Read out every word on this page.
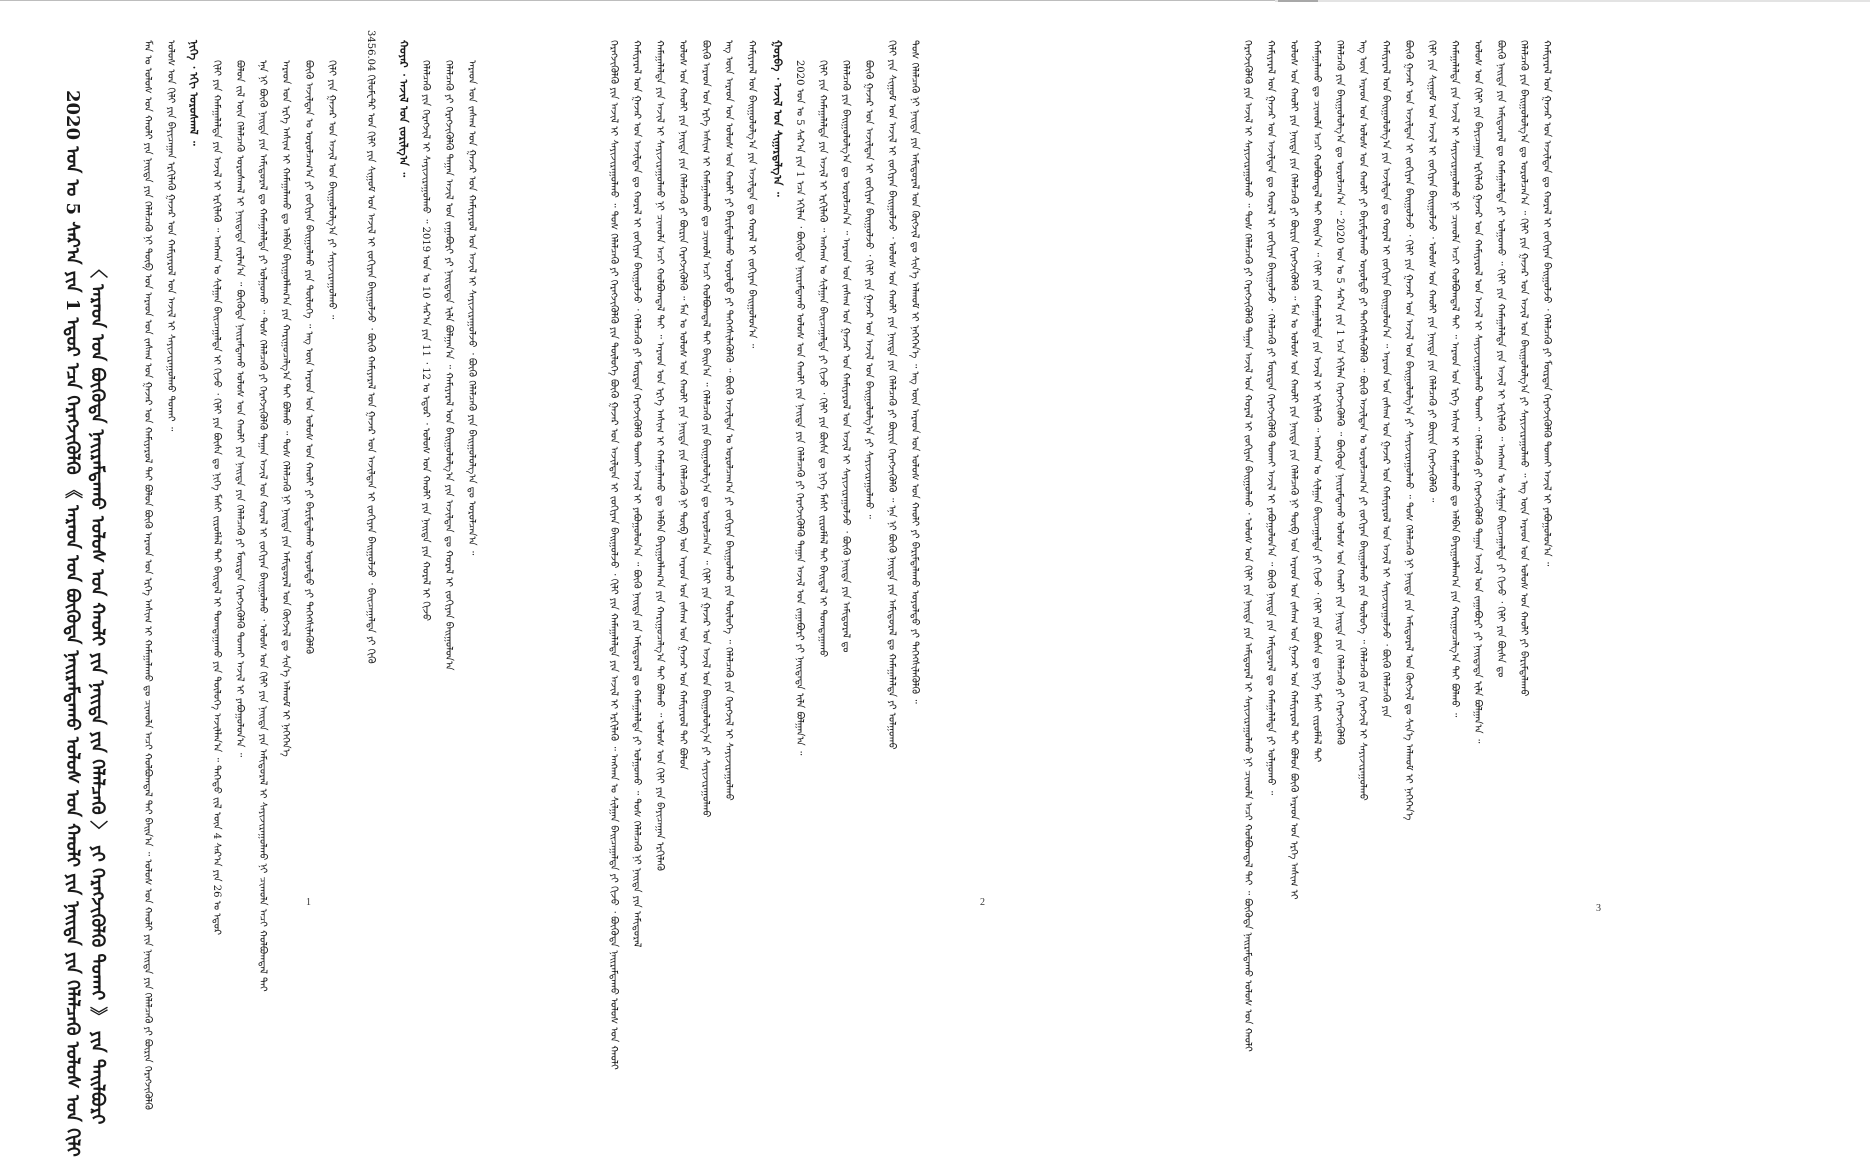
1	2
3
2020 ᠣᠨ ᠤ 5 ᠰᠠᠷ᠎ᠠ ᠶᠢᠨ 1 ᠡᠳᠦᠷ ᠡᠴᠡ ᠬᠡᠷᠡᠭᠵᠢᠭᠦᠯᠬᠦ 《 ᠠᠷᠠᠳ ᠤᠨ ᠪᠦᠭᠦᠳᠡ ᠨᠠᠢᠷᠠᠮᠳᠠᠬᠤ ᠤᠯᠤᠰ ᠤᠨ ᠬᠠᠤᠯᠢ ᠶᠢᠨ ᠨᠡᠢᠲᠡ ᠶᠢᠨ ᠬᠡᠯᠡᠯᠴᠡᠬᠦ ᠤᠯᠤᠰ ᠤᠨ ᠬᠢᠯᠢ 〈 ᠠᠷᠠᠳ ᠤᠨ ᠪᠦᠭᠦᠳᠡ ᠨᠠᠢᠷᠠᠮᠳᠠᠬᠤ ᠤᠯᠤᠰ ᠤᠨ ᠬᠠᠤᠯᠢ ᠶᠢᠨ ᠨᠡᠢᠲᠡ ᠶᠢᠨ ᠬᠡᠯᠡᠯᠴᠡᠬᠦ 〉 ᠶᠢ ᠬᠡᠷᠡᠭᠵᠢᠭᠦᠯᠬᠦ ᠲᠤᠬᠠᠢ 》 ᠶᠢᠨ ᠲᠠᠢᠯᠪᠤᠷᠢ	ᠮᠠᠨ ᠤ ᠤᠯᠤᠰ ᠤᠨ ᠬᠠᠤᠯᠢ ᠶᠢᠨ ᠨᠡᠢᠲᠡ ᠶᠢᠨ ᠬᠡᠯᠡᠯᠴᠡᠬᠦ ᠨᠢ ᠲᠦᠪ ᠤᠨ ᠠᠷᠠᠳ ᠤᠨ ᠵᠠᠰᠠᠭ ᠤᠨ ᠭᠠᠵᠠᠷ ᠤᠨ ᠬᠠᠮᠢᠶᠠᠷᠤᠯ ᠲᠠᠢ ᠪᠣᠯᠤᠨ ᠪᠦᠬᠦ ᠠᠷᠠᠳ ᠤᠨ ᠡᠷᠬᠡ ᠠᠰᠢᠭ ᠢ ᠬᠠᠮᠠᠭᠠᠯᠠᠬᠤ ᠳᠤ ᠴᠢᠬᠤᠯᠠ ᠠᠴᠢ ᠬᠣᠯᠪᠣᠭᠳᠠᠯ ᠲᠠᠢ ᠪᠠᠢᠨ᠎ᠠ ᠃ ᠤᠯᠤᠰ ᠤᠨ ᠬᠠᠤᠯᠢ ᠶᠢᠨ ᠨᠡᠢᠲᠡ ᠶᠢᠨ ᠬᠡᠯᠡᠯᠴᠡᠬᠦ ᠶᠢ ᠪᠦᠷᠢᠨ ᠬᠡᠷᠡᠭᠵᠢᠭᠦᠯᠬᠦ ᠤᠯᠤᠰ ᠤᠨ ᠬᠢᠯᠢ ᠶᠢᠨ ᠪᠠᠶᠢᠴᠠᠭᠠᠨ ᠡᠷᠬᠢᠯᠡᠬᠦ ᠭᠠᠵᠠᠷ ᠤᠨ ᠬᠠᠮᠢᠶᠠᠷᠤᠯ ᠤᠨ ᠠᠵᠢᠯ ᠢ ᠰᠠᠶᠢᠵᠢᠷᠠᠭᠤᠯᠬᠤ ᠲᠤᠬᠠᠢ ᠃ ᠨᠢᠭᠡ ᠂ ᠡᠬᠢ ᠤᠷᠤᠰᠬᠠᠯ ᠃ ᠬᠢᠯᠢ ᠶᠢᠨ ᠬᠠᠮᠠᠭᠠᠯᠠᠯᠲᠠ ᠶᠢᠨ ᠠᠵᠢᠯ ᠢ ᠡᠷᠬᠢᠯᠡᠬᠦ ᠃ ᠠᠩᠬᠠᠨ ᠤ ᠰᠢᠯᠭᠠᠨ ᠪᠠᠢᠴᠠᠭᠠᠯᠲᠠ ᠢ ᠬᠢᠵᠦ ᠂ ᠬᠢᠯᠢ ᠶᠢᠨ ᠪᠦᠰᠡ ᠳᠤ ᠨᠢᠭᠡ ᠮᠠᠰᠢ ᠵᠢᠷᠤᠮᠯᠠᠯ ᠲᠠᠢ ᠪᠠᠢᠳᠠᠯ ᠢ ᠲᠣᠭᠲᠠᠭᠠᠬᠤ ᠶᠢᠨ ᠲᠥᠯᠥᠭᠡ ᠠᠵᠢᠯᠯᠠᠨ᠎ᠠ ᠃ ᠳᠡᠭᠡᠳᠦ ᠵᠢᠯ ᠦᠨ 4 ᠰᠠᠷ᠎ᠠ ᠶᠢᠨ 26 ᠤ ᠡᠳᠦᠷ ᠪᠣᠯᠤᠨ ᠵᠢᠯ ᠦᠨ ᠬᠡᠯᠡᠯᠴᠡᠬᠦ ᠤᠷᠤᠰᠬᠠᠯ ᠢ ᠨᠡᠢᠲᠡᠳᠡ ᠵᠠᠷᠯᠠᠨ᠎ᠠ ᠃ ᠪᠦᠭᠦᠳᠡ ᠨᠠᠢᠷᠠᠮᠳᠠᠬᠤ ᠤᠯᠤᠰ ᠤᠨ ᠬᠠᠤᠯᠢ ᠶᠢᠨ ᠨᠡᠢᠲᠡ ᠶᠢᠨ ᠬᠡᠯᠡᠯᠴᠡᠬᠦ ᠶᠢ ᠮᠥᠷᠳᠡᠨ ᠬᠡᠷᠡᠭᠵᠢᠭᠦᠯᠬᠦ ᠲᠤᠬᠠᠢ ᠠᠵᠢᠯ ᠢ ᠶᠠᠪᠤᠭᠤᠯᠤᠨ᠎ᠠ ᠃ ᠡᠨᠡ ᠨᠢ ᠪᠦᠬᠦ ᠨᠡᠢᠲᠡ ᠶᠢᠨ ᠠᠮᠢᠳᠤᠷᠠᠯ ᠳᠤ ᠬᠠᠮᠠᠭᠠᠯᠠᠯᠲᠠ ᠶᠢ ᠣᠯᠭᠣᠬᠤ ᠃ ᠲᠤᠰ ᠬᠡᠯᠡᠯᠴᠡᠬᠦ ᠶᠢ ᠬᠡᠷᠡᠭᠵᠢᠭᠦᠯᠬᠦ ᠳᠠᠭᠠᠨ ᠠᠵᠢᠯ ᠤᠨ ᠬᠤᠷᠠᠯ ᠢ ᠵᠣᠬᠢᠶᠠᠨ ᠪᠠᠢᠭᠤᠯᠬᠤ ᠂ ᠤᠯᠤᠰ ᠤᠨ ᠬᠢᠯᠢ ᠶᠢᠨ ᠨᠡᠢᠲᠡ ᠶᠢᠨ ᠠᠮᠢᠳᠤᠷᠠᠯ ᠢ ᠰᠠᠶᠢᠵᠢᠷᠠᠭᠤᠯᠬᠤ ᠨᠢ ᠴᠢᠬᠤᠯᠠ ᠠᠴᠢ ᠬᠣᠯᠪᠣᠭᠳᠠᠯ ᠲᠠᠢ ᠠᠷᠠᠳ ᠤᠨ ᠡᠷᠬᠡ ᠠᠰᠢᠭ ᠢ ᠬᠠᠮᠠᠭᠠᠯᠠᠬᠤ ᠳᠤ ᠠᠯᠪᠠᠨ ᠪᠠᠶᠢᠭᠤᠯᠯᠠᠭ᠎ᠠ ᠶᠢᠨ ᠬᠠᠷᠢᠭᠤᠴᠠᠯᠭ᠎ᠠ ᠲᠠᠢ ᠪᠣᠯᠬᠤ ᠃ ᠲᠤᠰ ᠬᠡᠯᠡᠯᠴᠡᠬᠦ ᠨᠢ ᠨᠡᠢᠲᠡ ᠶᠢᠨ ᠠᠮᠢᠳᠤᠷᠠᠯ ᠤᠨ ᠬᠥᠭᠵᠢᠯ ᠳᠤ ᠰᠢᠨ᠎ᠡ ᠠᠯᠬᠤᠮ ᠢ ᠨᠡᠭᠡᠭᠡᠨ᠎ᠡ ᠪᠦᠬᠦ ᠠᠵᠢᠯᠲᠠᠨ ᠤ ᠣᠷᠤᠯᠴᠠᠭ᠎ᠠ ᠶᠢ ᠵᠣᠬᠢᠶᠠᠨ ᠪᠠᠢᠭᠤᠯᠬᠤ ᠶᠢᠨ ᠲᠥᠯᠥᠭᠡ ᠃ ᠡᠩ ᠦᠨ ᠠᠷᠠᠳ ᠤᠨ ᠤᠯᠤᠰ ᠤᠨ ᠬᠠᠤᠯᠢ ᠶᠢ ᠪᠠᠷᠢᠮᠲᠠᠯᠠᠬᠤ ᠤᠶᠤᠯᠲᠤ ᠶᠢ ᠳᠡᠭᠡᠭᠰᠢᠯᠡᠭᠦᠯᠬᠦ ᠬᠢᠯᠢ ᠶᠢᠨ ᠭᠠᠵᠠᠷ ᠤᠨ ᠠᠵᠢᠯ ᠤᠨ ᠪᠠᠢᠭᠤᠯᠤᠯᠭ᠎ᠠ ᠶᠢ ᠰᠠᠶᠢᠵᠢᠷᠠᠭᠤᠯᠬᠤ ᠃	3456.04 ᠬᠢᠯᠣᠮᠧᠲᠷ ᠤᠨ ᠬᠢᠯᠢ ᠶᠢᠨ ᠰᠢᠭᠤᠮ ᠤᠨ ᠠᠵᠢᠯ ᠢ ᠵᠣᠬᠢᠶᠠᠨ ᠪᠠᠢᠭᠤᠯᠵᠤ ᠂ ᠪᠦᠬᠦ ᠬᠠᠮᠢᠶᠠᠷᠠᠯ ᠤᠨ ᠭᠠᠵᠠᠷ ᠤᠨ ᠠᠵᠢᠯᠲᠠᠨ ᠢ ᠵᠣᠬᠢᠶᠠᠨ ᠪᠠᠢᠭᠤᠯᠵᠤ ᠂ ᠪᠠᠢᠴᠠᠭᠠᠯᠲᠠ ᠶᠢ ᠬᠢᠬᠦ ᠬᠣᠶᠠᠷ ᠂ ᠠᠵᠢᠯ ᠤᠨ ᠵᠣᠷᠢᠯᠭ᠎ᠠ ᠃ ᠬᠡᠯᠡᠯᠴᠡᠬᠦ ᠶᠢᠨ ᠬᠡᠷᠡᠭᠵᠢᠯ ᠢ ᠰᠠᠶᠢᠵᠢᠷᠠᠭᠤᠯᠬᠤ ᠃ 2019 ᠣᠨ ᠤ 10 ᠰᠠᠷ᠎ᠠ ᠶᠢᠨ 11 ᠂ 12 ᠤ ᠡᠳᠦᠷ ᠂ ᠤᠯᠤᠰ ᠤᠨ ᠬᠠᠤᠯᠢ ᠶᠢᠨ ᠨᠡᠢᠲᠡ ᠶᠢᠨ ᠬᠤᠷᠠᠯ ᠢ ᠬᠢᠵᠦ ᠬᠡᠯᠡᠯᠴᠡᠬᠦ ᠶᠢ ᠬᠡᠷᠡᠭᠵᠢᠭᠦᠯᠬᠦ ᠳᠠᠭᠠᠨ ᠠᠵᠢᠯ ᠤᠨ ᠵᠠᠭᠠᠪᠤᠷᠢ ᠶᠢ ᠨᠡᠢᠲᠡᠳᠡ ᠢᠯᠡ ᠪᠣᠯᠭᠠᠨ᠎ᠠ ᠃ ᠬᠠᠮᠢᠶᠠᠷᠠᠯ ᠤᠨ ᠪᠠᠢᠭᠤᠯᠤᠯᠭ᠎ᠠ ᠶᠢᠨ ᠠᠵᠢᠯᠲᠠᠨ ᠳᠤ ᠬᠤᠷᠠᠯ ᠢ ᠵᠣᠬᠢᠶᠠᠨ ᠪᠠᠢᠭᠤᠯᠤᠨ᠎ᠠ ᠠᠷᠠᠳ ᠤᠨ ᠵᠠᠰᠠᠭ ᠤᠨ ᠭᠠᠵᠠᠷ ᠤᠨ ᠬᠠᠮᠢᠶᠠᠷᠤᠯ ᠤᠨ ᠠᠵᠢᠯ ᠢ ᠰᠠᠶᠢᠵᠢᠷᠠᠭᠤᠯᠵᠤ ᠂ ᠪᠦᠬᠦ ᠬᠡᠯᠡᠯᠴᠡᠬᠦ ᠶᠢᠨ ᠪᠠᠢᠭᠤᠯᠤᠯᠭ᠎ᠠ ᠳᠤ ᠣᠷᠤᠯᠴᠠᠨ᠎ᠠ ᠃	ᠬᠡᠷᠡᠭᠵᠢᠭᠦᠯᠬᠦ ᠶᠢᠨ ᠠᠵᠢᠯ ᠢ ᠰᠠᠶᠢᠵᠢᠷᠠᠭᠤᠯᠬᠤ ᠃ ᠲᠤᠰ ᠬᠡᠯᠡᠯᠴᠡᠬᠦ ᠶᠢ ᠬᠡᠷᠡᠭᠵᠢᠭᠦᠯᠬᠦ ᠶᠢᠨ ᠲᠥᠯᠥᠭᠡ ᠪᠦᠬᠦ ᠭᠠᠵᠠᠷ ᠤᠨ ᠠᠵᠢᠯᠲᠠᠨ ᠢ ᠵᠣᠬᠢᠶᠠᠨ ᠪᠠᠢᠭᠤᠯᠵᠤ ᠂ ᠬᠢᠯᠢ ᠶᠢᠨ ᠬᠠᠮᠠᠭᠠᠯᠠᠯᠲᠠ ᠶᠢᠨ ᠠᠵᠢᠯ ᠢ ᠡᠷᠬᠢᠯᠡᠬᠦ ᠃ ᠠᠩᠬᠠᠨ ᠤ ᠰᠢᠯᠭᠠᠨ ᠪᠠᠢᠴᠠᠭᠠᠯᠲᠠ ᠶᠢ ᠬᠢᠵᠦ ᠂ ᠪᠦᠭᠦᠳᠡ ᠨᠠᠢᠷᠠᠮᠳᠠᠬᠤ ᠤᠯᠤᠰ ᠤᠨ ᠬᠠᠤᠯᠢ ᠬᠠᠮᠢᠶᠠᠷᠠᠯ ᠤᠨ ᠭᠠᠵᠠᠷ ᠤᠨ ᠠᠵᠢᠯᠲᠠᠨ ᠳᠤ ᠬᠤᠷᠠᠯ ᠢ ᠵᠣᠬᠢᠶᠠᠨ ᠪᠠᠢᠭᠤᠯᠵᠤ ᠂ ᠬᠡᠯᠡᠯᠴᠡᠬᠦ ᠶᠢ ᠮᠥᠷᠳᠡᠨ ᠬᠡᠷᠡᠭᠵᠢᠭᠦᠯᠬᠦ ᠲᠤᠬᠠᠢ ᠠᠵᠢᠯ ᠢ ᠶᠠᠪᠤᠭᠤᠯᠤᠨ᠎ᠠ ᠃ ᠪᠦᠬᠦ ᠨᠡᠢᠲᠡ ᠶᠢᠨ ᠠᠮᠢᠳᠤᠷᠠᠯ ᠳᠤ ᠬᠠᠮᠠᠭᠠᠯᠠᠯᠲᠠ ᠶᠢ ᠣᠯᠭᠣᠬᠤ ᠃ ᠲᠤᠰ ᠬᠡᠯᠡᠯᠴᠡᠬᠦ ᠨᠢ ᠨᠡᠢᠲᠡ ᠶᠢᠨ ᠠᠮᠢᠳᠤᠷᠠᠯ ᠬᠠᠮᠠᠭᠠᠯᠠᠯᠲᠠ ᠶᠢᠨ ᠠᠵᠢᠯ ᠢ ᠰᠠᠶᠢᠵᠢᠷᠠᠭᠤᠯᠬᠤ ᠨᠢ ᠴᠢᠬᠤᠯᠠ ᠠᠴᠢ ᠬᠣᠯᠪᠣᠭᠳᠠᠯ ᠲᠠᠢ ᠃ ᠠᠷᠠᠳ ᠤᠨ ᠡᠷᠬᠡ ᠠᠰᠢᠭ ᠢ ᠬᠠᠮᠠᠭᠠᠯᠠᠬᠤ ᠳᠤ ᠠᠯᠪᠠᠨ ᠪᠠᠶᠢᠭᠤᠯᠯᠠᠭ᠎ᠠ ᠶᠢᠨ ᠬᠠᠷᠢᠭᠤᠴᠠᠯᠭ᠎ᠠ ᠲᠠᠢ ᠪᠣᠯᠬᠤ ᠃ ᠤᠯᠤᠰ ᠤᠨ ᠬᠢᠯᠢ ᠶᠢᠨ ᠪᠠᠶᠢᠴᠠᠭᠠᠨ ᠡᠷᠬᠢᠯᠡᠬᠦ ᠤᠯᠤᠰ ᠤᠨ ᠬᠠᠤᠯᠢ ᠶᠢᠨ ᠨᠡᠢᠲᠡ ᠶᠢᠨ ᠬᠡᠯᠡᠯᠴᠡᠬᠦ ᠶᠢ ᠪᠦᠷᠢᠨ ᠬᠡᠷᠡᠭᠵᠢᠭᠦᠯᠬᠦ ᠃ ᠮᠠᠨ ᠤ ᠤᠯᠤᠰ ᠤᠨ ᠬᠠᠤᠯᠢ ᠶᠢᠨ ᠨᠡᠢᠲᠡ ᠶᠢᠨ ᠬᠡᠯᠡᠯᠴᠡᠬᠦ ᠨᠢ ᠲᠦᠪ ᠤᠨ ᠠᠷᠠᠳ ᠤᠨ ᠵᠠᠰᠠᠭ ᠤᠨ ᠭᠠᠵᠠᠷ ᠤᠨ ᠬᠠᠮᠢᠶᠠᠷᠤᠯ ᠲᠠᠢ ᠪᠣᠯᠤᠨ ᠪᠦᠬᠦ ᠠᠷᠠᠳ ᠤᠨ ᠡᠷᠬᠡ ᠠᠰᠢᠭ ᠢ ᠬᠠᠮᠠᠭᠠᠯᠠᠬᠤ ᠳᠤ ᠴᠢᠬᠤᠯᠠ ᠠᠴᠢ ᠬᠣᠯᠪᠣᠭᠳᠠᠯ ᠲᠠᠢ ᠪᠠᠢᠨ᠎ᠠ ᠃ ᠬᠡᠯᠡᠯᠴᠡᠬᠦ ᠶᠢᠨ ᠪᠠᠢᠭᠤᠯᠤᠯᠭ᠎ᠠ ᠳᠤ ᠣᠷᠤᠯᠴᠠᠨ᠎ᠠ ᠃ ᠬᠢᠯᠢ ᠶᠢᠨ ᠭᠠᠵᠠᠷ ᠤᠨ ᠠᠵᠢᠯ ᠤᠨ ᠪᠠᠢᠭᠤᠯᠤᠯᠭ᠎ᠠ ᠶᠢ ᠰᠠᠶᠢᠵᠢᠷᠠᠭᠤᠯᠬᠤ ᠡᠩ ᠦᠨ ᠠᠷᠠᠳ ᠤᠨ ᠤᠯᠤᠰ ᠤᠨ ᠬᠠᠤᠯᠢ ᠶᠢ ᠪᠠᠷᠢᠮᠲᠠᠯᠠᠬᠤ ᠤᠶᠤᠯᠲᠤ ᠶᠢ ᠳᠡᠭᠡᠭᠰᠢᠯᠡᠭᠦᠯᠬᠦ ᠃ ᠪᠦᠬᠦ ᠠᠵᠢᠯᠲᠠᠨ ᠤ ᠣᠷᠤᠯᠴᠠᠭ᠎ᠠ ᠶᠢ ᠵᠣᠬᠢᠶᠠᠨ ᠪᠠᠢᠭᠤᠯᠬᠤ ᠶᠢᠨ ᠲᠥᠯᠥᠭᠡ ᠃ ᠬᠡᠯᠡᠯᠴᠡᠬᠦ ᠶᠢᠨ ᠬᠡᠷᠡᠭᠵᠢᠯ ᠢ ᠰᠠᠶᠢᠵᠢᠷᠠᠭᠤᠯᠬᠤ ᠬᠠᠮᠢᠶᠠᠷᠠᠯ ᠤᠨ ᠪᠠᠢᠭᠤᠯᠤᠯᠭ᠎ᠠ ᠶᠢᠨ ᠠᠵᠢᠯᠲᠠᠨ ᠳᠤ ᠬᠤᠷᠠᠯ ᠢ ᠵᠣᠬᠢᠶᠠᠨ ᠪᠠᠢᠭᠤᠯᠤᠨ᠎ᠠ ᠃ ᠭᠤᠷᠪᠠ ᠂ ᠠᠵᠢᠯ ᠤᠨ ᠰᠢᠭᠠᠷᠳᠠᠯᠭ᠎ᠠ ᠃ 2020 ᠣᠨ ᠤ 5 ᠰᠠᠷ᠎ᠠ ᠶᠢᠨ 1 ᠡᠴᠡ ᠡᠬᠢᠯᠡᠨ ᠂ ᠪᠦᠭᠦᠳᠡ ᠨᠠᠢᠷᠠᠮᠳᠠᠬᠤ ᠤᠯᠤᠰ ᠤᠨ ᠬᠠᠤᠯᠢ ᠶᠢᠨ ᠨᠡᠢᠲᠡ ᠶᠢᠨ ᠬᠡᠯᠡᠯᠴᠡᠬᠦ ᠶᠢ ᠬᠡᠷᠡᠭᠵᠢᠭᠦᠯᠬᠦ ᠳᠠᠭᠠᠨ ᠠᠵᠢᠯ ᠤᠨ ᠵᠠᠭᠠᠪᠤᠷᠢ ᠶᠢ ᠨᠡᠢᠲᠡᠳᠡ ᠢᠯᠡ ᠪᠣᠯᠭᠠᠨ᠎ᠠ ᠃ ᠬᠢᠯᠢ ᠶᠢᠨ ᠬᠠᠮᠠᠭᠠᠯᠠᠯᠲᠠ ᠶᠢᠨ ᠠᠵᠢᠯ ᠢ ᠡᠷᠬᠢᠯᠡᠬᠦ ᠃ ᠠᠩᠬᠠᠨ ᠤ ᠰᠢᠯᠭᠠᠨ ᠪᠠᠢᠴᠠᠭᠠᠯᠲᠠ ᠶᠢ ᠬᠢᠵᠦ ᠂ ᠬᠢᠯᠢ ᠶᠢᠨ ᠪᠦᠰᠡ ᠳᠤ ᠨᠢᠭᠡ ᠮᠠᠰᠢ ᠵᠢᠷᠤᠮᠯᠠᠯ ᠲᠠᠢ ᠪᠠᠢᠳᠠᠯ ᠢ ᠲᠣᠭᠲᠠᠭᠠᠬᠤ ᠬᠡᠯᠡᠯᠴᠡᠬᠦ ᠶᠢᠨ ᠪᠠᠢᠭᠤᠯᠤᠯᠭ᠎ᠠ ᠳᠤ ᠣᠷᠤᠯᠴᠠᠨ᠎ᠠ ᠃ ᠠᠷᠠᠳ ᠤᠨ ᠵᠠᠰᠠᠭ ᠤᠨ ᠭᠠᠵᠠᠷ ᠤᠨ ᠬᠠᠮᠢᠶᠠᠷᠤᠯ ᠤᠨ ᠠᠵᠢᠯ ᠢ ᠰᠠᠶᠢᠵᠢᠷᠠᠭᠤᠯᠵᠤ ᠂ ᠪᠦᠬᠦ ᠨᠡᠢᠲᠡ ᠶᠢᠨ ᠠᠮᠢᠳᠤᠷᠠᠯ ᠳᠤ ᠪᠦᠬᠦ ᠭᠠᠵᠠᠷ ᠤᠨ ᠠᠵᠢᠯᠲᠠᠨ ᠢ ᠵᠣᠬᠢᠶᠠᠨ ᠪᠠᠢᠭᠤᠯᠵᠤ ᠂ ᠬᠢᠯᠢ ᠶᠢᠨ ᠭᠠᠵᠠᠷ ᠤᠨ ᠠᠵᠢᠯ ᠤᠨ ᠪᠠᠢᠭᠤᠯᠤᠯᠭ᠎ᠠ ᠶᠢ ᠰᠠᠶᠢᠵᠢᠷᠠᠭᠤᠯᠬᠤ ᠃ ᠬᠢᠯᠢ ᠶᠢᠨ ᠰᠢᠭᠤᠮ ᠤᠨ ᠠᠵᠢᠯ ᠢ ᠵᠣᠬᠢᠶᠠᠨ ᠪᠠᠢᠭᠤᠯᠵᠤ ᠂ ᠤᠯᠤᠰ ᠤᠨ ᠬᠠᠤᠯᠢ ᠶᠢᠨ ᠨᠡᠢᠲᠡ ᠶᠢᠨ ᠬᠡᠯᠡᠯᠴᠡᠬᠦ ᠶᠢ ᠪᠦᠷᠢᠨ ᠬᠡᠷᠡᠭᠵᠢᠭᠦᠯᠬᠦ ᠃ ᠡᠨᠡ ᠨᠢ ᠪᠦᠬᠦ ᠨᠡᠢᠲᠡ ᠶᠢᠨ ᠠᠮᠢᠳᠤᠷᠠᠯ ᠳᠤ ᠬᠠᠮᠠᠭᠠᠯᠠᠯᠲᠠ ᠶᠢ ᠣᠯᠭᠣᠬᠤ ᠲᠤᠰ ᠬᠡᠯᠡᠯᠴᠡᠬᠦ ᠨᠢ ᠨᠡᠢᠲᠡ ᠶᠢᠨ ᠠᠮᠢᠳᠤᠷᠠᠯ ᠤᠨ ᠬᠥᠭᠵᠢᠯ ᠳᠤ ᠰᠢᠨ᠎ᠡ ᠠᠯᠬᠤᠮ ᠢ ᠨᠡᠭᠡᠭᠡᠨ᠎ᠡ ᠃ ᠡᠩ ᠦᠨ ᠠᠷᠠᠳ ᠤᠨ ᠤᠯᠤᠰ ᠤᠨ ᠬᠠᠤᠯᠢ ᠶᠢ ᠪᠠᠷᠢᠮᠲᠠᠯᠠᠬᠤ ᠤᠶᠤᠯᠲᠤ ᠶᠢ ᠳᠡᠭᠡᠭᠰᠢᠯᠡᠭᠦᠯᠬᠦ ᠃	ᠬᠡᠷᠡᠭᠵᠢᠭᠦᠯᠬᠦ ᠶᠢᠨ ᠠᠵᠢᠯ ᠢ ᠰᠠᠶᠢᠵᠢᠷᠠᠭᠤᠯᠬᠤ ᠃ ᠲᠤᠰ ᠬᠡᠯᠡᠯᠴᠡᠬᠦ ᠶᠢ ᠬᠡᠷᠡᠭᠵᠢᠭᠦᠯᠬᠦ ᠳᠠᠭᠠᠨ ᠠᠵᠢᠯ ᠤᠨ ᠬᠤᠷᠠᠯ ᠢ ᠵᠣᠬᠢᠶᠠᠨ ᠪᠠᠢᠭᠤᠯᠬᠤ ᠂ ᠤᠯᠤᠰ ᠤᠨ ᠬᠢᠯᠢ ᠶᠢᠨ ᠨᠡᠢᠲᠡ ᠶᠢᠨ ᠠᠮᠢᠳᠤᠷᠠᠯ ᠢ ᠰᠠᠶᠢᠵᠢᠷᠠᠭᠤᠯᠬᠤ ᠨᠢ ᠴᠢᠬᠤᠯᠠ ᠠᠴᠢ ᠬᠣᠯᠪᠣᠭᠳᠠᠯ ᠲᠠᠢ ᠃ ᠪᠦᠭᠦᠳᠡ ᠨᠠᠢᠷᠠᠮᠳᠠᠬᠤ ᠤᠯᠤᠰ ᠤᠨ ᠬᠠᠤᠯᠢ ᠬᠠᠮᠢᠶᠠᠷᠠᠯ ᠤᠨ ᠭᠠᠵᠠᠷ ᠤᠨ ᠠᠵᠢᠯᠲᠠᠨ ᠳᠤ ᠬᠤᠷᠠᠯ ᠢ ᠵᠣᠬᠢᠶᠠᠨ ᠪᠠᠢᠭᠤᠯᠵᠤ ᠂ ᠬᠡᠯᠡᠯᠴᠡᠬᠦ ᠶᠢ ᠮᠥᠷᠳᠡᠨ ᠬᠡᠷᠡᠭᠵᠢᠭᠦᠯᠬᠦ ᠲᠤᠬᠠᠢ ᠠᠵᠢᠯ ᠢ ᠶᠠᠪᠤᠭᠤᠯᠤᠨ᠎ᠠ ᠃ ᠪᠦᠬᠦ ᠨᠡᠢᠲᠡ ᠶᠢᠨ ᠠᠮᠢᠳᠤᠷᠠᠯ ᠳᠤ ᠬᠠᠮᠠᠭᠠᠯᠠᠯᠲᠠ ᠶᠢ ᠣᠯᠭᠣᠬᠤ ᠃ ᠤᠯᠤᠰ ᠤᠨ ᠬᠠᠤᠯᠢ ᠶᠢᠨ ᠨᠡᠢᠲᠡ ᠶᠢᠨ ᠬᠡᠯᠡᠯᠴᠡᠬᠦ ᠶᠢ ᠪᠦᠷᠢᠨ ᠬᠡᠷᠡᠭᠵᠢᠭᠦᠯᠬᠦ ᠃ ᠮᠠᠨ ᠤ ᠤᠯᠤᠰ ᠤᠨ ᠬᠠᠤᠯᠢ ᠶᠢᠨ ᠨᠡᠢᠲᠡ ᠶᠢᠨ ᠬᠡᠯᠡᠯᠴᠡᠬᠦ ᠨᠢ ᠲᠦᠪ ᠤᠨ ᠠᠷᠠᠳ ᠤᠨ ᠵᠠᠰᠠᠭ ᠤᠨ ᠭᠠᠵᠠᠷ ᠤᠨ ᠬᠠᠮᠢᠶᠠᠷᠤᠯ ᠲᠠᠢ ᠪᠣᠯᠤᠨ ᠪᠦᠬᠦ ᠠᠷᠠᠳ ᠤᠨ ᠡᠷᠬᠡ ᠠᠰᠢᠭ ᠢ ᠬᠠᠮᠠᠭᠠᠯᠠᠬᠤ ᠳᠤ ᠴᠢᠬᠤᠯᠠ ᠠᠴᠢ ᠬᠣᠯᠪᠣᠭᠳᠠᠯ ᠲᠠᠢ ᠪᠠᠢᠨ᠎ᠠ ᠃ ᠬᠢᠯᠢ ᠶᠢᠨ ᠬᠠᠮᠠᠭᠠᠯᠠᠯᠲᠠ ᠶᠢᠨ ᠠᠵᠢᠯ ᠢ ᠡᠷᠬᠢᠯᠡᠬᠦ ᠃ ᠠᠩᠬᠠᠨ ᠤ ᠰᠢᠯᠭᠠᠨ ᠪᠠᠢᠴᠠᠭᠠᠯᠲᠠ ᠶᠢ ᠬᠢᠵᠦ ᠂ ᠬᠢᠯᠢ ᠶᠢᠨ ᠪᠦᠰᠡ ᠳᠤ ᠨᠢᠭᠡ ᠮᠠᠰᠢ ᠵᠢᠷᠤᠮᠯᠠᠯ ᠲᠠᠢ ᠬᠡᠯᠡᠯᠴᠡᠬᠦ ᠶᠢᠨ ᠪᠠᠢᠭᠤᠯᠤᠯᠭ᠎ᠠ ᠳᠤ ᠣᠷᠤᠯᠴᠠᠨ᠎ᠠ ᠃ 2020 ᠣᠨ ᠤ 5 ᠰᠠᠷ᠎ᠠ ᠶᠢᠨ 1 ᠡᠴᠡ ᠡᠬᠢᠯᠡᠨ ᠬᠡᠷᠡᠭᠵᠢᠭᠦᠯᠬᠦ ᠃ ᠪᠦᠭᠦᠳᠡ ᠨᠠᠢᠷᠠᠮᠳᠠᠬᠤ ᠤᠯᠤᠰ ᠤᠨ ᠬᠠᠤᠯᠢ ᠶᠢᠨ ᠨᠡᠢᠲᠡ ᠶᠢᠨ ᠬᠡᠯᠡᠯᠴᠡᠬᠦ ᠶᠢ ᠬᠡᠷᠡᠭᠵᠢᠭᠦᠯᠬᠦ ᠡᠩ ᠦᠨ ᠠᠷᠠᠳ ᠤᠨ ᠤᠯᠤᠰ ᠤᠨ ᠬᠠᠤᠯᠢ ᠶᠢ ᠪᠠᠷᠢᠮᠲᠠᠯᠠᠬᠤ ᠤᠶᠤᠯᠲᠤ ᠶᠢ ᠳᠡᠭᠡᠭᠰᠢᠯᠡᠭᠦᠯᠬᠦ ᠃ ᠪᠦᠬᠦ ᠠᠵᠢᠯᠲᠠᠨ ᠤ ᠣᠷᠤᠯᠴᠠᠭ᠎ᠠ ᠶᠢ ᠵᠣᠬᠢᠶᠠᠨ ᠪᠠᠢᠭᠤᠯᠬᠤ ᠶᠢᠨ ᠲᠥᠯᠥᠭᠡ ᠃ ᠬᠡᠯᠡᠯᠴᠡᠬᠦ ᠶᠢᠨ ᠬᠡᠷᠡᠭᠵᠢᠯ ᠢ ᠰᠠᠶᠢᠵᠢᠷᠠᠭᠤᠯᠬᠤ ᠬᠠᠮᠢᠶᠠᠷᠠᠯ ᠤᠨ ᠪᠠᠢᠭᠤᠯᠤᠯᠭ᠎ᠠ ᠶᠢᠨ ᠠᠵᠢᠯᠲᠠᠨ ᠳᠤ ᠬᠤᠷᠠᠯ ᠢ ᠵᠣᠬᠢᠶᠠᠨ ᠪᠠᠢᠭᠤᠯᠤᠨ᠎ᠠ ᠃ ᠠᠷᠠᠳ ᠤᠨ ᠵᠠᠰᠠᠭ ᠤᠨ ᠭᠠᠵᠠᠷ ᠤᠨ ᠬᠠᠮᠢᠶᠠᠷᠤᠯ ᠤᠨ ᠠᠵᠢᠯ ᠢ ᠰᠠᠶᠢᠵᠢᠷᠠᠭᠤᠯᠵᠤ ᠂ ᠪᠦᠬᠦ ᠬᠡᠯᠡᠯᠴᠡᠬᠦ ᠶᠢᠨ ᠪᠦᠬᠦ ᠭᠠᠵᠠᠷ ᠤᠨ ᠠᠵᠢᠯᠲᠠᠨ ᠢ ᠵᠣᠬᠢᠶᠠᠨ ᠪᠠᠢᠭᠤᠯᠵᠤ ᠂ ᠬᠢᠯᠢ ᠶᠢᠨ ᠭᠠᠵᠠᠷ ᠤᠨ ᠠᠵᠢᠯ ᠤᠨ ᠪᠠᠢᠭᠤᠯᠤᠯᠭ᠎ᠠ ᠶᠢ ᠰᠠᠶᠢᠵᠢᠷᠠᠭᠤᠯᠬᠤ ᠃ ᠲᠤᠰ ᠬᠡᠯᠡᠯᠴᠡᠬᠦ ᠨᠢ ᠨᠡᠢᠲᠡ ᠶᠢᠨ ᠠᠮᠢᠳᠤᠷᠠᠯ ᠤᠨ ᠬᠥᠭᠵᠢᠯ ᠳᠤ ᠰᠢᠨ᠎ᠡ ᠠᠯᠬᠤᠮ ᠢ ᠨᠡᠭᠡᠭᠡᠨ᠎ᠡ ᠬᠢᠯᠢ ᠶᠢᠨ ᠰᠢᠭᠤᠮ ᠤᠨ ᠠᠵᠢᠯ ᠢ ᠵᠣᠬᠢᠶᠠᠨ ᠪᠠᠢᠭᠤᠯᠵᠤ ᠂ ᠤᠯᠤᠰ ᠤᠨ ᠬᠠᠤᠯᠢ ᠶᠢᠨ ᠨᠡᠢᠲᠡ ᠶᠢᠨ ᠬᠡᠯᠡᠯᠴᠡᠬᠦ ᠶᠢ ᠪᠦᠷᠢᠨ ᠬᠡᠷᠡᠭᠵᠢᠭᠦᠯᠬᠦ ᠃ ᠬᠠᠮᠠᠭᠠᠯᠠᠯᠲᠠ ᠶᠢᠨ ᠠᠵᠢᠯ ᠢ ᠰᠠᠶᠢᠵᠢᠷᠠᠭᠤᠯᠬᠤ ᠨᠢ ᠴᠢᠬᠤᠯᠠ ᠠᠴᠢ ᠬᠣᠯᠪᠣᠭᠳᠠᠯ ᠲᠠᠢ ᠃ ᠠᠷᠠᠳ ᠤᠨ ᠡᠷᠬᠡ ᠠᠰᠢᠭ ᠢ ᠬᠠᠮᠠᠭᠠᠯᠠᠬᠤ ᠳᠤ ᠠᠯᠪᠠᠨ ᠪᠠᠶᠢᠭᠤᠯᠯᠠᠭ᠎ᠠ ᠶᠢᠨ ᠬᠠᠷᠢᠭᠤᠴᠠᠯᠭ᠎ᠠ ᠲᠠᠢ ᠪᠣᠯᠬᠤ ᠃ ᠤᠯᠤᠰ ᠤᠨ ᠬᠢᠯᠢ ᠶᠢᠨ ᠪᠠᠶᠢᠴᠠᠭᠠᠨ ᠡᠷᠬᠢᠯᠡᠬᠦ ᠭᠠᠵᠠᠷ ᠤᠨ ᠬᠠᠮᠢᠶᠠᠷᠤᠯ ᠤᠨ ᠠᠵᠢᠯ ᠢ ᠰᠠᠶᠢᠵᠢᠷᠠᠭᠤᠯᠬᠤ ᠲᠤᠬᠠᠢ ᠃ ᠬᠡᠯᠡᠯᠴᠡᠬᠦ ᠶᠢ ᠬᠡᠷᠡᠭᠵᠢᠭᠦᠯᠬᠦ ᠳᠠᠭᠠᠨ ᠠᠵᠢᠯ ᠤᠨ ᠵᠠᠭᠠᠪᠤᠷᠢ ᠶᠢ ᠨᠡᠢᠲᠡᠳᠡ ᠢᠯᠡ ᠪᠣᠯᠭᠠᠨ᠎ᠠ ᠃ ᠪᠦᠬᠦ ᠨᠡᠢᠲᠡ ᠶᠢᠨ ᠠᠮᠢᠳᠤᠷᠠᠯ ᠳᠤ ᠬᠠᠮᠠᠭᠠᠯᠠᠯᠲᠠ ᠶᠢ ᠣᠯᠭᠣᠬᠤ ᠃ ᠬᠢᠯᠢ ᠶᠢᠨ ᠬᠠᠮᠠᠭᠠᠯᠠᠯᠲᠠ ᠶᠢᠨ ᠠᠵᠢᠯ ᠢ ᠡᠷᠬᠢᠯᠡᠬᠦ ᠃ ᠠᠩᠬᠠᠨ ᠤ ᠰᠢᠯᠭᠠᠨ ᠪᠠᠢᠴᠠᠭᠠᠯᠲᠠ ᠶᠢ ᠬᠢᠵᠦ ᠂ ᠬᠢᠯᠢ ᠶᠢᠨ ᠪᠦᠰᠡ ᠳᠤ ᠬᠡᠯᠡᠯᠴᠡᠬᠦ ᠶᠢᠨ ᠪᠠᠢᠭᠤᠯᠤᠯᠭ᠎ᠠ ᠳᠤ ᠣᠷᠤᠯᠴᠠᠨ᠎ᠠ ᠃ ᠬᠢᠯᠢ ᠶᠢᠨ ᠭᠠᠵᠠᠷ ᠤᠨ ᠠᠵᠢᠯ ᠤᠨ ᠪᠠᠢᠭᠤᠯᠤᠯᠭ᠎ᠠ ᠶᠢ ᠰᠠᠶᠢᠵᠢᠷᠠᠭᠤᠯᠬᠤ ᠃ ᠡᠩ ᠦᠨ ᠠᠷᠠᠳ ᠤᠨ ᠤᠯᠤᠰ ᠤᠨ ᠬᠠᠤᠯᠢ ᠶᠢ ᠪᠠᠷᠢᠮᠲᠠᠯᠠᠬᠤ ᠬᠠᠮᠢᠶᠠᠷᠠᠯ ᠤᠨ ᠭᠠᠵᠠᠷ ᠤᠨ ᠠᠵᠢᠯᠲᠠᠨ ᠳᠤ ᠬᠤᠷᠠᠯ ᠢ ᠵᠣᠬᠢᠶᠠᠨ ᠪᠠᠢᠭᠤᠯᠵᠤ ᠂ ᠬᠡᠯᠡᠯᠴᠡᠬᠦ ᠶᠢ ᠮᠥᠷᠳᠡᠨ ᠬᠡᠷᠡᠭᠵᠢᠭᠦᠯᠬᠦ ᠲᠤᠬᠠᠢ ᠠᠵᠢᠯ ᠢ ᠶᠠᠪᠤᠭᠤᠯᠤᠨ᠎ᠠ ᠃
